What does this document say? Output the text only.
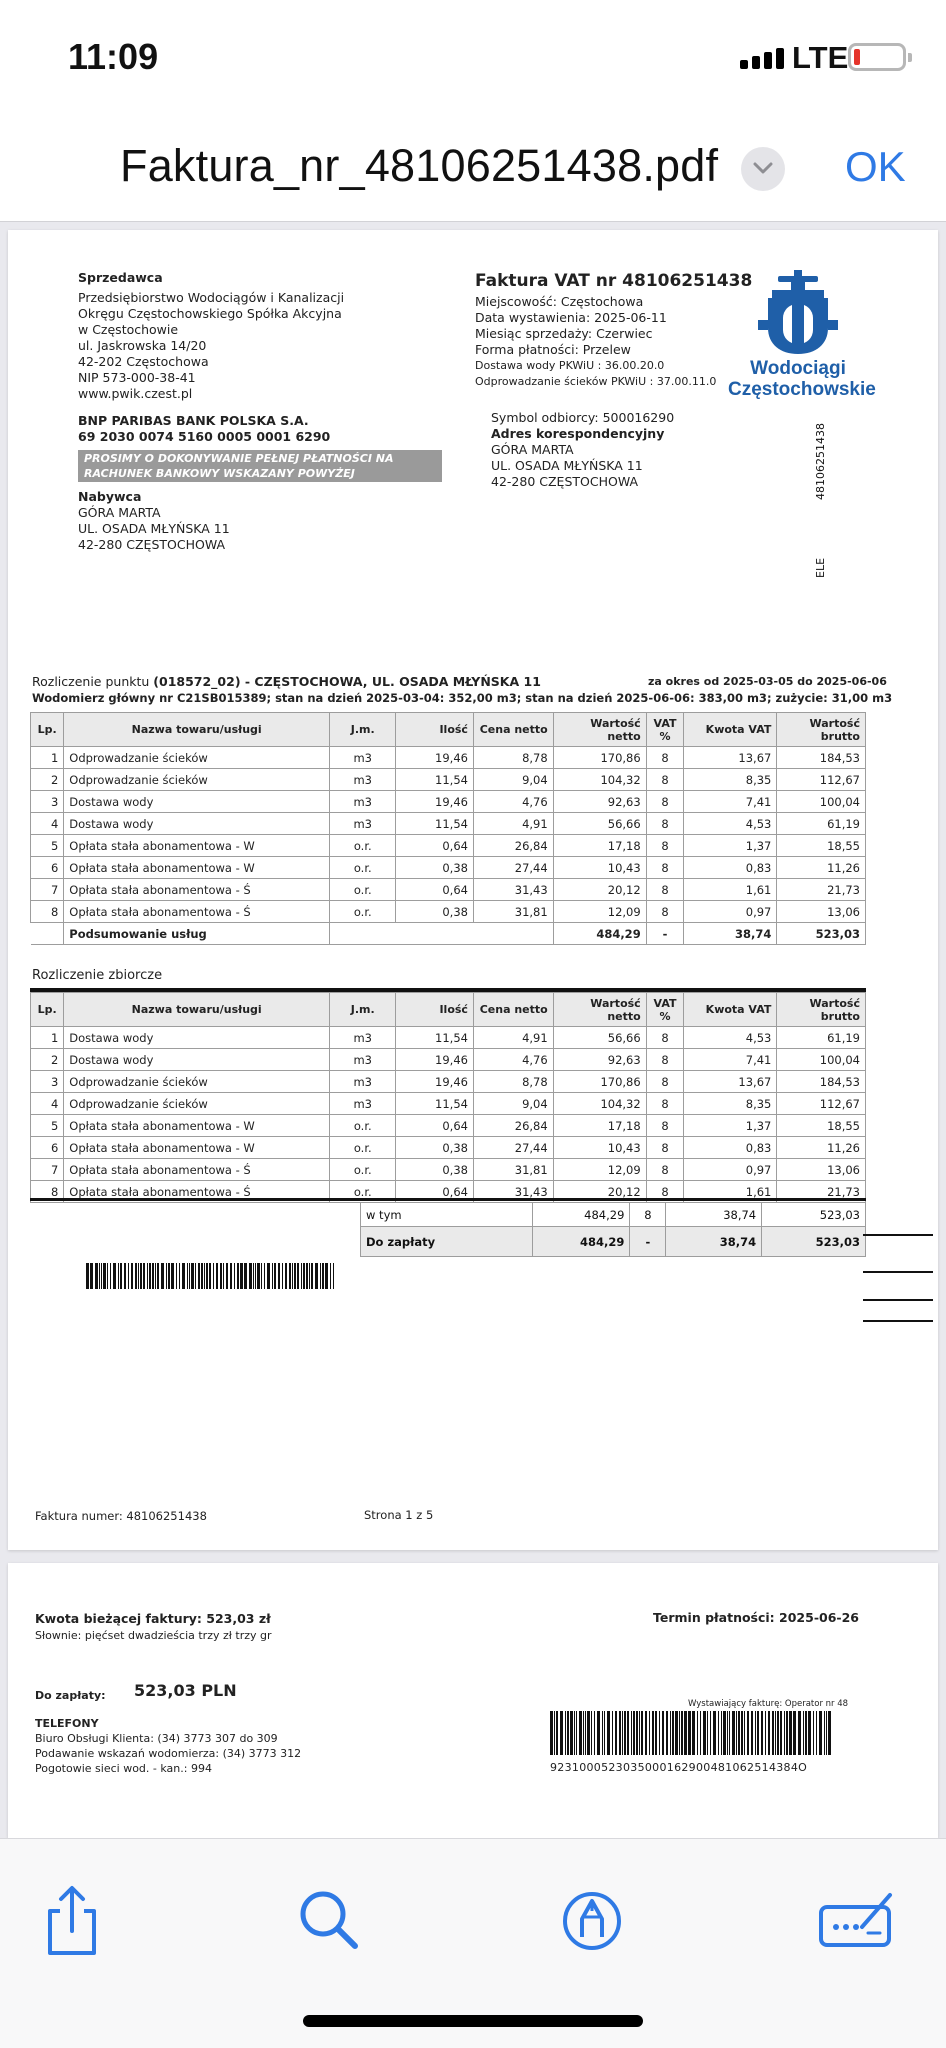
11:09	LTE
Faktura_nr_48106251438.pdf	OK
Sprzedawca
Przedsiębiorstwo Wodociągów i Kanalizacji
Okręgu Częstochowskiego Spółka Akcyjna
w Częstochowie
ul. Jaskrowska 14/20
42-202 Częstochowa
NIP 573-000-38-41
www.pwik.czest.pl
BNP PARIBAS BANK POLSKA S.A.
69 2030 0074 5160 0005 0001 6290
PROSIMY O DOKONYWANIE PEŁNEJ PŁATNOŚCI NA
RACHUNEK BANKOWY WSKAZANY POWYŻEJ
Nabywca
GÓRA MARTA
UL. OSADA MŁYŃSKA 11
42-280 CZĘSTOCHOWA
Faktura VAT nr 48106251438
Miejscowość: Częstochowa
Data wystawienia: 2025-06-11
Miesiąc sprzedaży: Czerwiec
Forma płatności: Przelew
Dostawa wody PKWiU : 36.00.20.0
Odprowadzanie ścieków PKWiU : 37.00.11.0
Symbol odbiorcy: 500016290
Adres korespondencyjny
GÓRA MARTA
UL. OSADA MŁYŃSKA 11
42-280 CZĘSTOCHOWA
Wodociągi
Częstochowskie
48106251438
ELE
Rozliczenie punktu (018572_02) - CZĘSTOCHOWA, UL. OSADA MŁYŃSKA 11
Wodomierz główny nr C21SB015389; stan na dzień 2025-03-04: 352,00 m3; stan na dzień 2025-06-06: 383,00 m3; zużycie: 31,00 m3
za okres od 2025-03-05 do 2025-06-06
Lp.	Nazwa towaru/usługi	J.m.	Ilość	Cena netto	Wartość netto	VAT %	Kwota VAT	Wartość brutto
1	Odprowadzanie ścieków	m3	19,46	8,78	170,86	8	13,67	184,53
2	Odprowadzanie ścieków	m3	11,54	9,04	104,32	8	8,35	112,67
3	Dostawa wody	m3	19,46	4,76	92,63	8	7,41	100,04
4	Dostawa wody	m3	11,54	4,91	56,66	8	4,53	61,19
5	Opłata stała abonamentowa - W	o.r.	0,64	26,84	17,18	8	1,37	18,55
6	Opłata stała abonamentowa - W	o.r.	0,38	27,44	10,43	8	0,83	11,26
7	Opłata stała abonamentowa - Ś	o.r.	0,64	31,43	20,12	8	1,61	21,73
8	Opłata stała abonamentowa - Ś	o.r.	0,38	31,81	12,09	8	0,97	13,06
	Podsumowanie usług				484,29	-	38,74	523,03
Rozliczenie zbiorcze
Lp.	Nazwa towaru/usługi	J.m.	Ilość	Cena netto	Wartość netto	VAT %	Kwota VAT	Wartość brutto
1	Dostawa wody	m3	11,54	4,91	56,66	8	4,53	61,19
2	Dostawa wody	m3	19,46	4,76	92,63	8	7,41	100,04
3	Odprowadzanie ścieków	m3	19,46	8,78	170,86	8	13,67	184,53
4	Odprowadzanie ścieków	m3	11,54	9,04	104,32	8	8,35	112,67
5	Opłata stała abonamentowa - W	o.r.	0,64	26,84	17,18	8	1,37	18,55
6	Opłata stała abonamentowa - W	o.r.	0,38	27,44	10,43	8	0,83	11,26
7	Opłata stała abonamentowa - Ś	o.r.	0,38	31,81	12,09	8	0,97	13,06
8	Opłata stała abonamentowa - Ś	o.r.	0,64	31,43	20,12	8	1,61	21,73
w tym	484,29	8	38,74	523,03
Do zapłaty	484,29	-	38,74	523,03
Faktura numer: 48106251438	Strona 1 z 5
Kwota bieżącej faktury: 523,03 zł
Słownie: pięćset dwadzieścia trzy zł trzy gr
Termin płatności: 2025-06-26
Do zapłaty: 523,03 PLN
TELEFONY
Biuro Obsługi Klienta: (34) 3773 307 do 309
Podawanie wskazań wodomierza: (34) 3773 312
Pogotowie sieci wod. - kan.: 994
Wystawiający fakturę: Operator nr 48
9231000523035000162900481062514384O
